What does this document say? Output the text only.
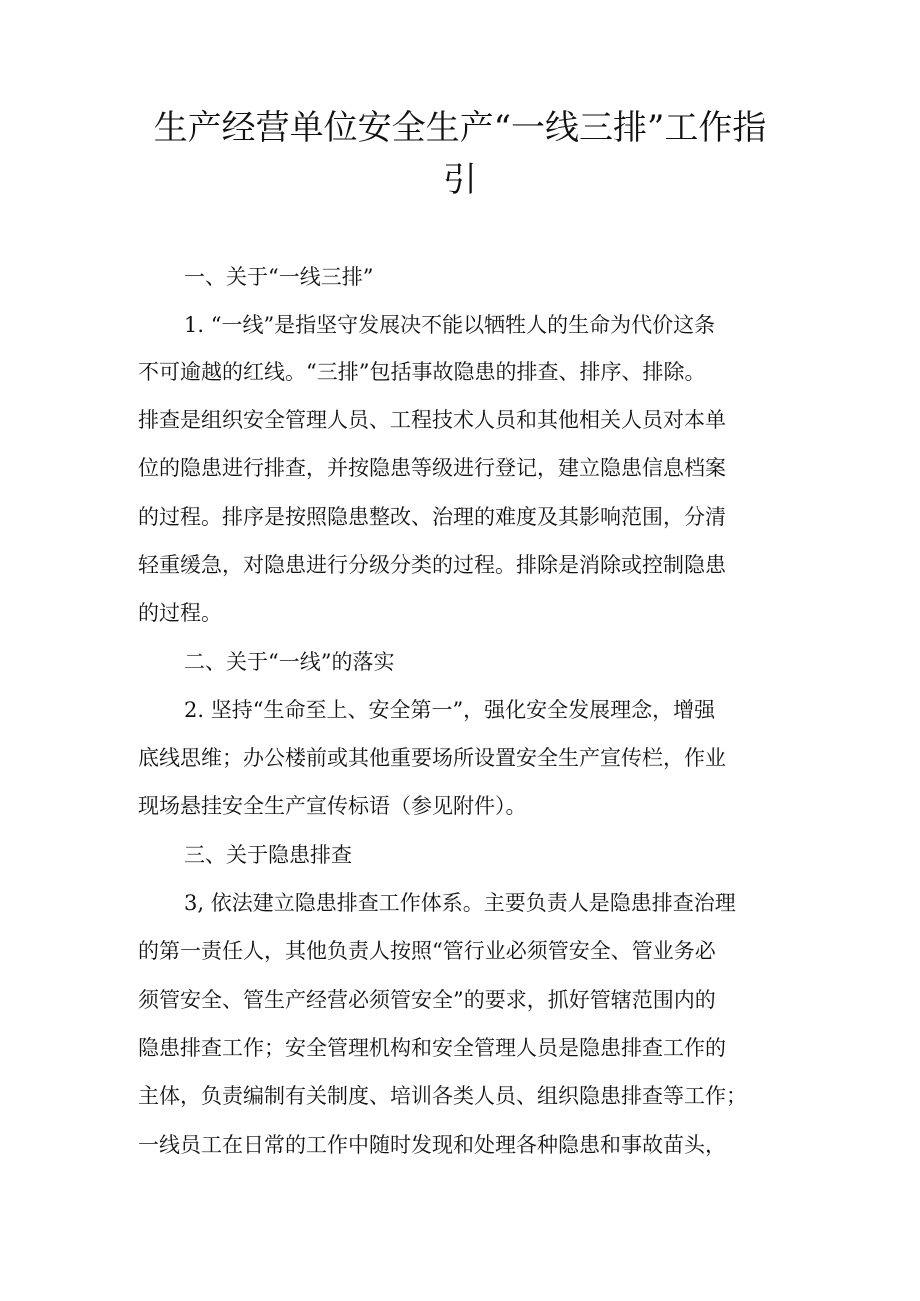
生产经营单位安全生产“一线三排”工作指
引
一、关于“一线三排”
1. “一线”是指坚守发展决不能以牺牲人的生命为代价这条
不可逾越的红线。“三排”包括事故隐患的排查、排序、排除。
排查是组织安全管理人员、工程技术人员和其他相关人员对本单
位的隐患进行排查，并按隐患等级进行登记，建立隐患信息档案
的过程。排序是按照隐患整改、治理的难度及其影响范围，分清
轻重缓急，对隐患进行分级分类的过程。排除是消除或控制隐患
的过程。
二、关于“一线”的落实
2. 坚持“生命至上、安全第一”，强化安全发展理念，增强
底线思维；办公楼前或其他重要场所设置安全生产宣传栏，作业
现场悬挂安全生产宣传标语（参见附件）。
三、关于隐患排查
3, 依法建立隐患排查工作体系。主要负责人是隐患排查治理
的第一责任人，其他负责人按照“管行业必须管安全、管业务必
须管安全、管生产经营必须管安全”的要求，抓好管辖范围内的
隐患排查工作；安全管理机构和安全管理人员是隐患排查工作的
主体，负责编制有关制度、培训各类人员、组织隐患排查等工作；
一线员工在日常的工作中随时发现和处理各种隐患和事故苗头，
